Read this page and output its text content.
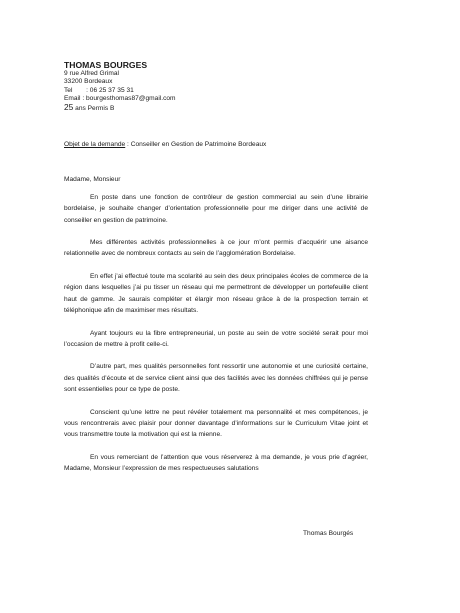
THOMAS BOURGES
9 rue Alfred Grimal
33200 Bordeaux
Tel : 06 25 37 35 31
Email : bourgesthomas87@gmail.com
25 ans Permis B
Objet de la demande : Conseiller en Gestion de Patrimoine Bordeaux
Madame, Monsieur

En poste dans une fonction de contrôleur de gestion commercial au sein d’une librairie bordelaise, je souhaite changer d’orientation professionnelle pour me diriger dans une activité de conseiller en gestion de patrimoine.

Mes différentes activités professionnelles à ce jour m’ont permis d’acquérir une aisance relationnelle avec de nombreux contacts au sein de l’agglomération Bordelaise.

En effet j’ai effectué toute ma scolarité au sein des deux principales écoles de commerce de la région dans lesquelles j’ai pu tisser un réseau qui me permettront de développer un portefeuille client haut de gamme. Je saurais compléter et élargir mon réseau grâce à de la prospection terrain et téléphonique afin de maximiser mes résultats.

Ayant toujours eu la fibre entrepreneurial, un poste au sein de votre société serait pour moi l’occasion de mettre à profit celle-ci.

D’autre part, mes qualités personnelles font ressortir une autonomie et une curiosité certaine, des qualités d’écoute et de service client ainsi que des facilités avec les données chiffrées qui je pense sont essentielles pour ce type de poste.

Conscient qu’une lettre ne peut révéler totalement ma personnalité et mes compétences, je vous rencontrerais avec plaisir pour donner davantage d’informations sur le Curriculum Vitae joint et vous transmettre toute la motivation qui est la mienne.

En vous remerciant de l’attention que vous réserverez à ma demande, je vous prie d’agréer, Madame, Monsieur l’expression de mes respectueuses salutations

Thomas Bourgés
